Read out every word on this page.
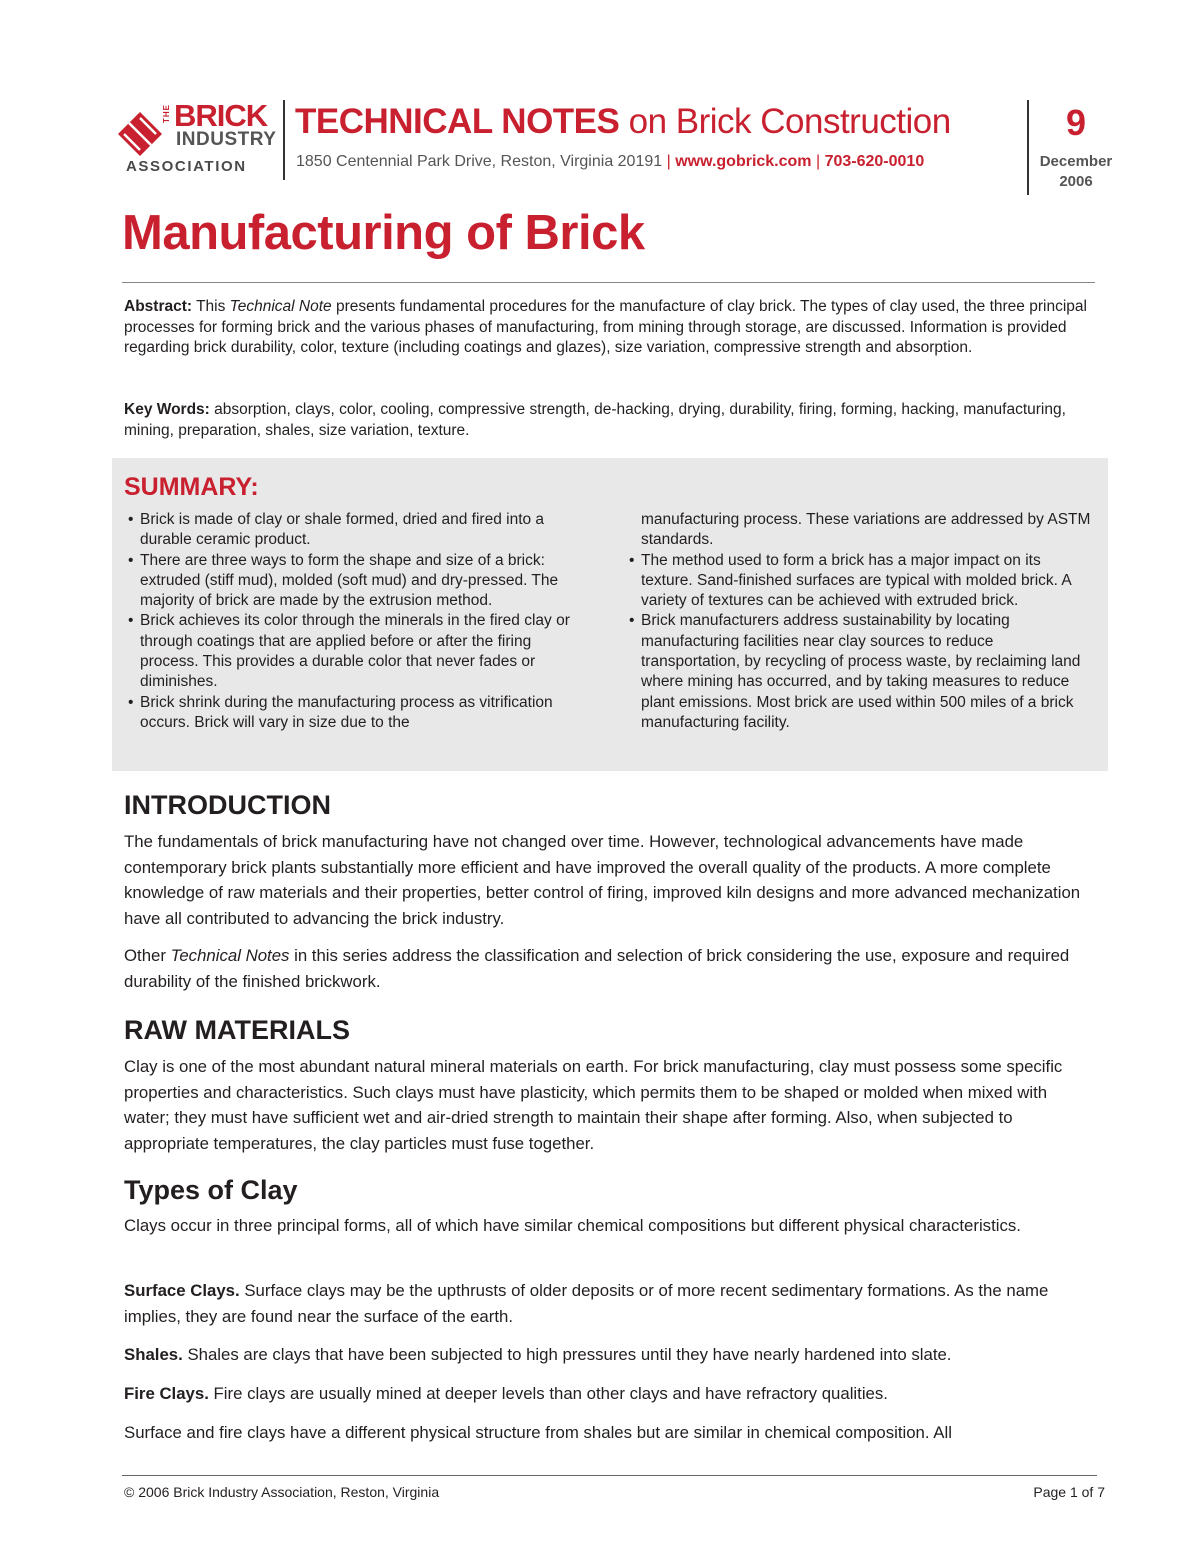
THE BRICK
INDUSTRY
ASSOCIATION
TECHNICAL NOTES on Brick Construction
1850 Centennial Park Drive, Reston, Virginia 20191 | www.gobrick.com | 703-620-0010
9
December
2006
Manufacturing of Brick
Abstract: This Technical Note presents fundamental procedures for the manufacture of clay brick. The types of clay used, the three principal processes for forming brick and the various phases of manufacturing, from mining through storage, are discussed. Information is provided regarding brick durability, color, texture (including coatings and glazes), size variation, compressive strength and absorption.
Key Words: absorption, clays, color, cooling, compressive strength, de-hacking, drying, durability, firing, forming, hacking, manufacturing, mining, preparation, shales, size variation, texture.
SUMMARY:
• Brick is made of clay or shale formed, dried and fired into a durable ceramic product.
• There are three ways to form the shape and size of a brick: extruded (stiff mud), molded (soft mud) and dry-pressed. The majority of brick are made by the extrusion method.
• Brick achieves its color through the minerals in the fired clay or through coatings that are applied before or after the firing process. This provides a durable color that never fades or diminishes.
• Brick shrink during the manufacturing process as vitrification occurs. Brick will vary in size due to the
manufacturing process. These variations are addressed by ASTM standards.
• The method used to form a brick has a major impact on its texture. Sand-finished surfaces are typical with molded brick. A variety of textures can be achieved with extruded brick.
• Brick manufacturers address sustainability by locating manufacturing facilities near clay sources to reduce transportation, by recycling of process waste, by reclaiming land where mining has occurred, and by taking measures to reduce plant emissions. Most brick are used within 500 miles of a brick manufacturing facility.
INTRODUCTION
The fundamentals of brick manufacturing have not changed over time. However, technological advancements have made contemporary brick plants substantially more efficient and have improved the overall quality of the products. A more complete knowledge of raw materials and their properties, better control of firing, improved kiln designs and more advanced mechanization have all contributed to advancing the brick industry.
Other Technical Notes in this series address the classification and selection of brick considering the use, exposure and required durability of the finished brickwork.
RAW MATERIALS
Clay is one of the most abundant natural mineral materials on earth. For brick manufacturing, clay must possess some specific properties and characteristics. Such clays must have plasticity, which permits them to be shaped or molded when mixed with water; they must have sufficient wet and air-dried strength to maintain their shape after forming. Also, when subjected to appropriate temperatures, the clay particles must fuse together.
Types of Clay
Clays occur in three principal forms, all of which have similar chemical compositions but different physical characteristics.
Surface Clays. Surface clays may be the upthrusts of older deposits or of more recent sedimentary formations. As the name implies, they are found near the surface of the earth.
Shales. Shales are clays that have been subjected to high pressures until they have nearly hardened into slate.
Fire Clays. Fire clays are usually mined at deeper levels than other clays and have refractory qualities.
Surface and fire clays have a different physical structure from shales but are similar in chemical composition. All
© 2006 Brick Industry Association, Reston, Virginia	Page 1 of 7
